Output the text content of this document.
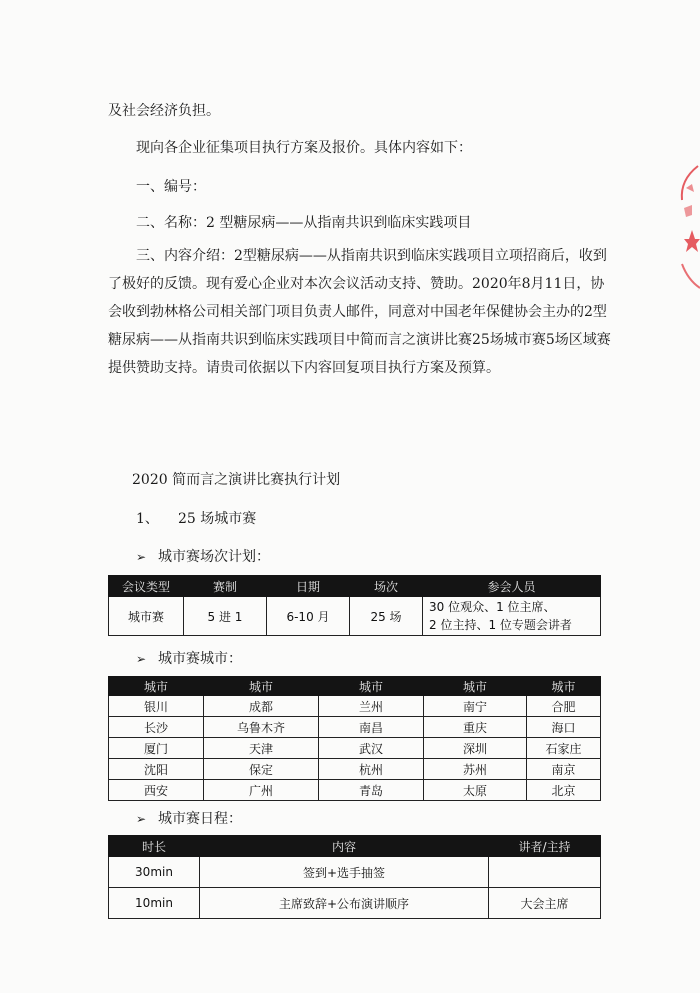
及社会经济负担。
现向各企业征集项目执行方案及报价。具体内容如下：
一、编号：
二、名称：2 型糖尿病——从指南共识到临床实践项目

三、内容介绍：2型糖尿病——从指南共识到临床实践项目立项招商后，收到了极好的反馈。现有爱心企业对本次会议活动支持、赞助。2020年8月11日，协会收到勃林格公司相关部门项目负责人邮件，同意对中国老年保健协会主办的2型糖尿病——从指南共识到临床实践项目中简而言之演讲比赛25场城市赛5场区域赛提供赞助支持。请贵司依据以下内容回复项目执行方案及预算。

2020 简而言之演讲比赛执行计划
1、 25 场城市赛
➢ 城市赛场次计划：
会议类型	赛制	日期	场次	参会人员
城市赛	5 进 1	6-10 月	25 场	30 位观众、1 位主席、
2 位主持、1 位专题会讲者
➢ 城市赛城市：
城市	城市	城市	城市	城市
银川	成都	兰州	南宁	合肥
长沙	乌鲁木齐	南昌	重庆	海口
厦门	天津	武汉	深圳	石家庄
沈阳	保定	杭州	苏州	南京
西安	广州	青岛	太原	北京
➢ 城市赛日程：
时长	内容	讲者/主持
30min	签到+选手抽签	
10min	主席致辞+公布演讲顺序	大会主席
